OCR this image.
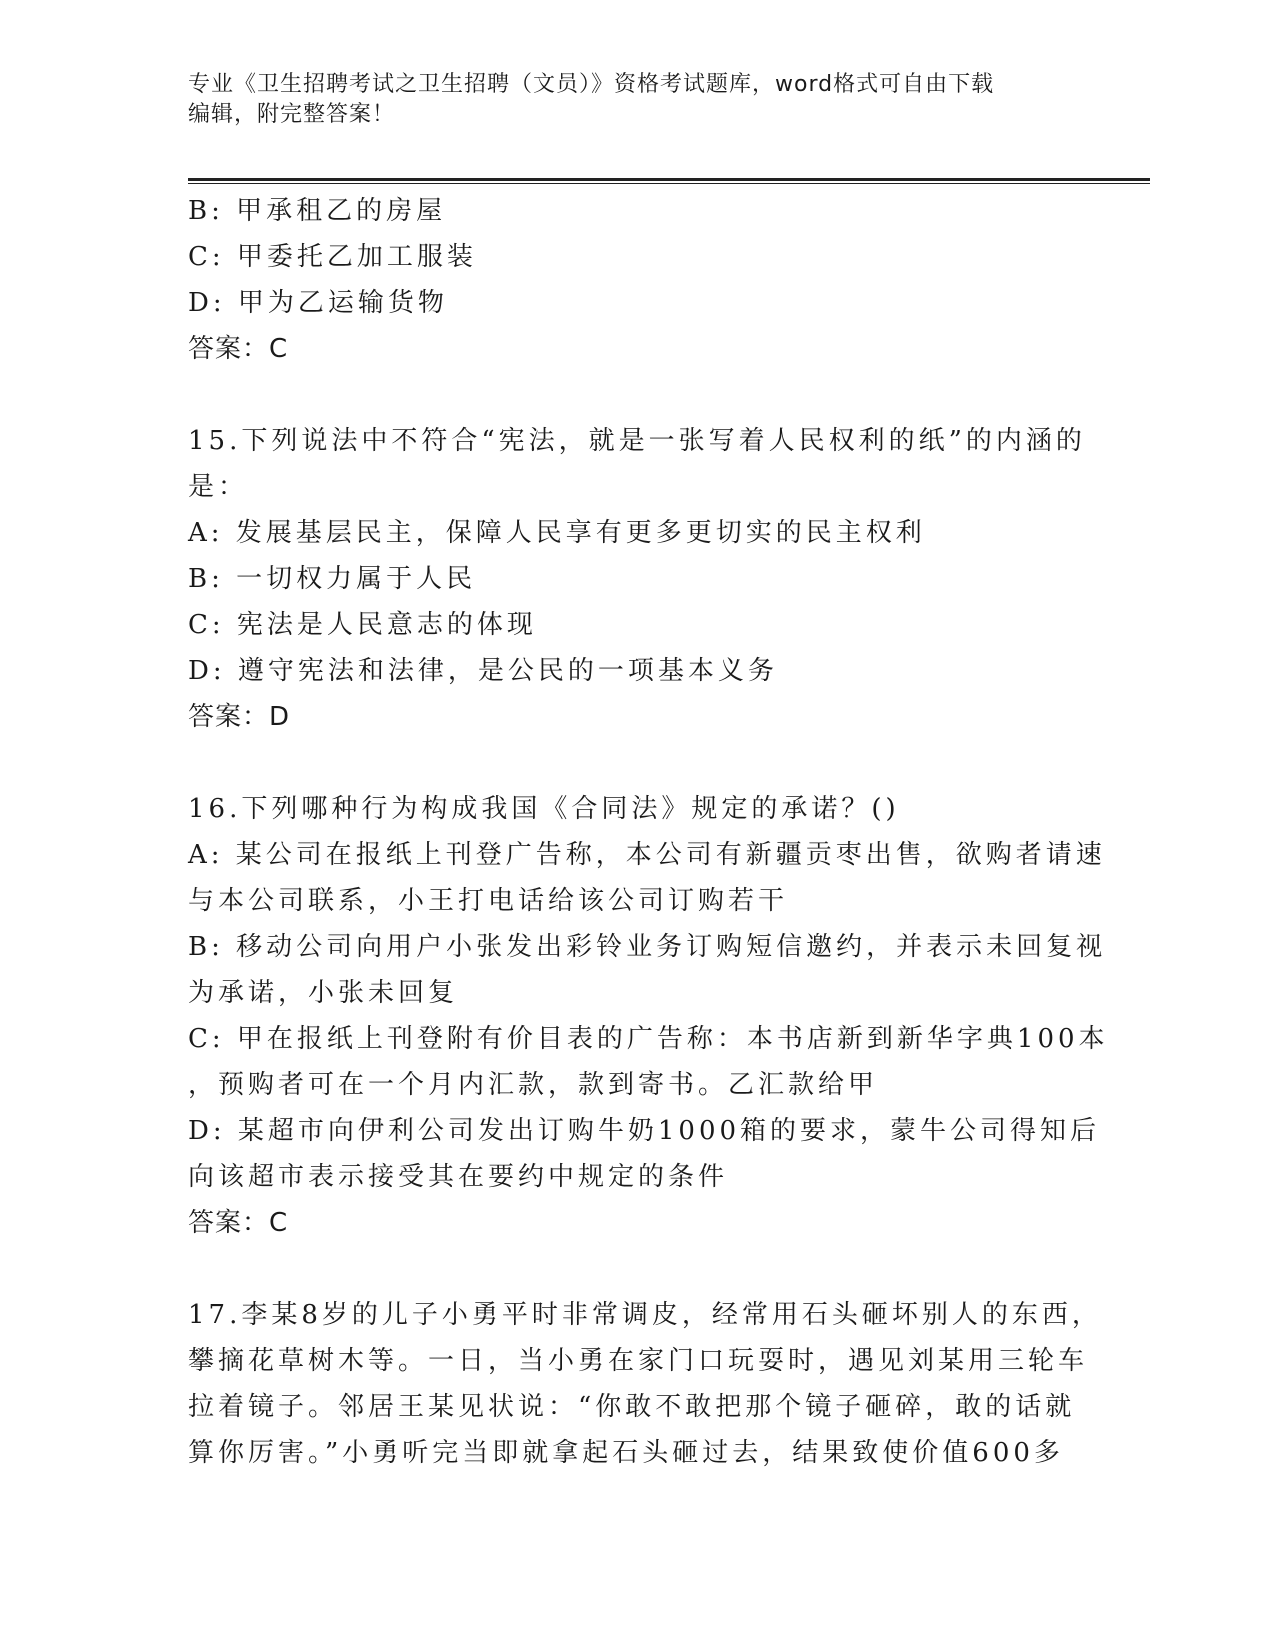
专业《卫生招聘考试之卫生招聘（文员）》资格考试题库，word格式可自由下载
编辑，附完整答案！
B: 甲承租乙的房屋
C: 甲委托乙加工服装
D: 甲为乙运输货物
答案：C
15.下列说法中不符合“宪法，就是一张写着人民权利的纸”的内涵的
是：
A: 发展基层民主，保障人民享有更多更切实的民主权利
B: 一切权力属于人民
C: 宪法是人民意志的体现
D: 遵守宪法和法律，是公民的一项基本义务
答案：D
16.下列哪种行为构成我国《合同法》规定的承诺？()
A: 某公司在报纸上刊登广告称，本公司有新疆贡枣出售，欲购者请速
与本公司联系，小王打电话给该公司订购若干
B: 移动公司向用户小张发出彩铃业务订购短信邀约，并表示未回复视
为承诺，小张未回复
C: 甲在报纸上刊登附有价目表的广告称：本书店新到新华字典100本
，预购者可在一个月内汇款，款到寄书。乙汇款给甲
D: 某超市向伊利公司发出订购牛奶1000箱的要求，蒙牛公司得知后
向该超市表示接受其在要约中规定的条件
答案：C
17.李某8岁的儿子小勇平时非常调皮，经常用石头砸坏别人的东西，
攀摘花草树木等。一日，当小勇在家门口玩耍时，遇见刘某用三轮车
拉着镜子。邻居王某见状说：“你敢不敢把那个镜子砸碎，敢的话就
算你厉害。”小勇听完当即就拿起石头砸过去，结果致使价值600多
